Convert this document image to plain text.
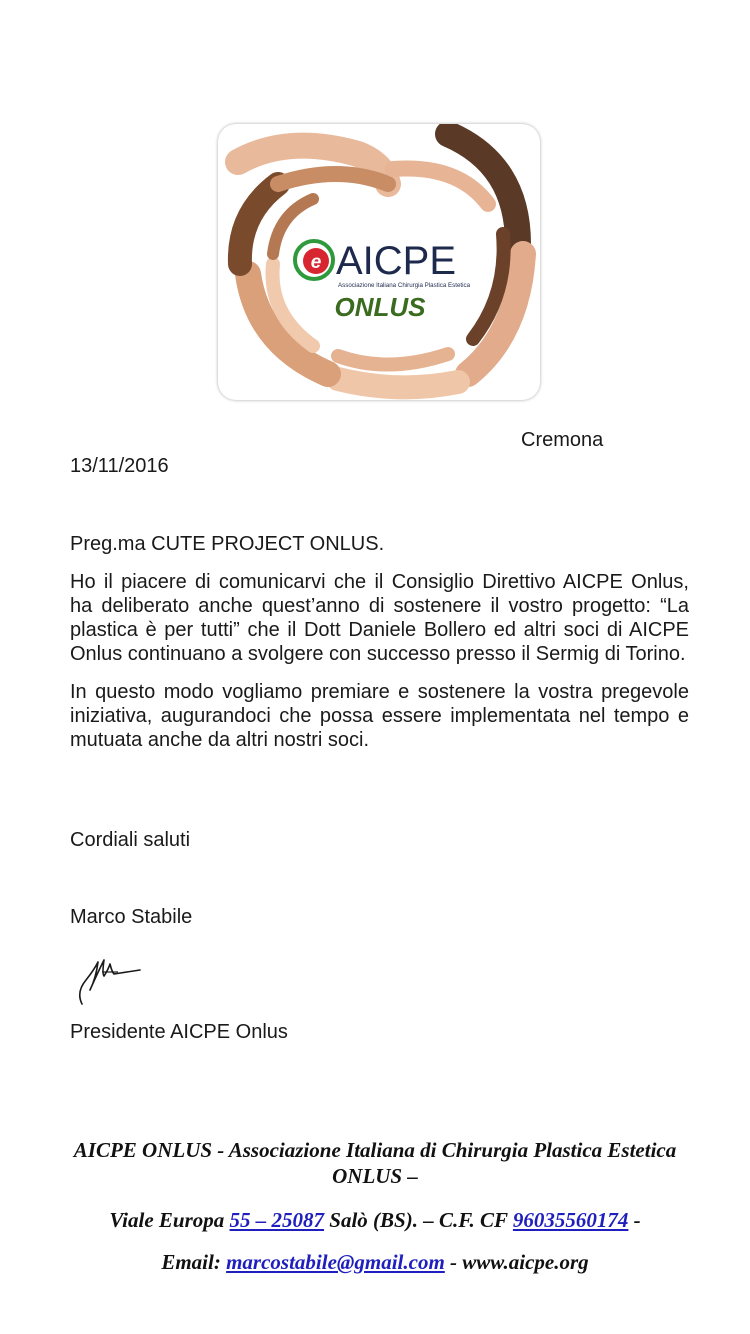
e AICPE
Associazione Italiana Chirurgia Plastica Estetica
ONLUS
Cremona
13/11/2016

Preg.ma CUTE PROJECT ONLUS.

Ho il piacere di comunicarvi che il Consiglio Direttivo AICPE Onlus, ha deliberato anche quest’anno di sostenere il vostro progetto: “La plastica è per tutti” che il Dott Daniele Bollero ed altri soci di AICPE Onlus continuano a svolgere con successo presso il Sermig di Torino.

In questo modo vogliamo premiare e sostenere la vostra pregevole iniziativa, augurandoci che possa essere implementata nel tempo e mutuata anche da altri nostri soci.

Cordiali saluti
Marco Stabile
Presidente AICPE Onlus
AICPE ONLUS - Associazione Italiana di Chirurgia Plastica Estetica ONLUS –
Viale Europa 55 – 25087 Salò (BS). – C.F. CF 96035560174 -
Email: marcostabile@gmail.com - www.aicpe.org
